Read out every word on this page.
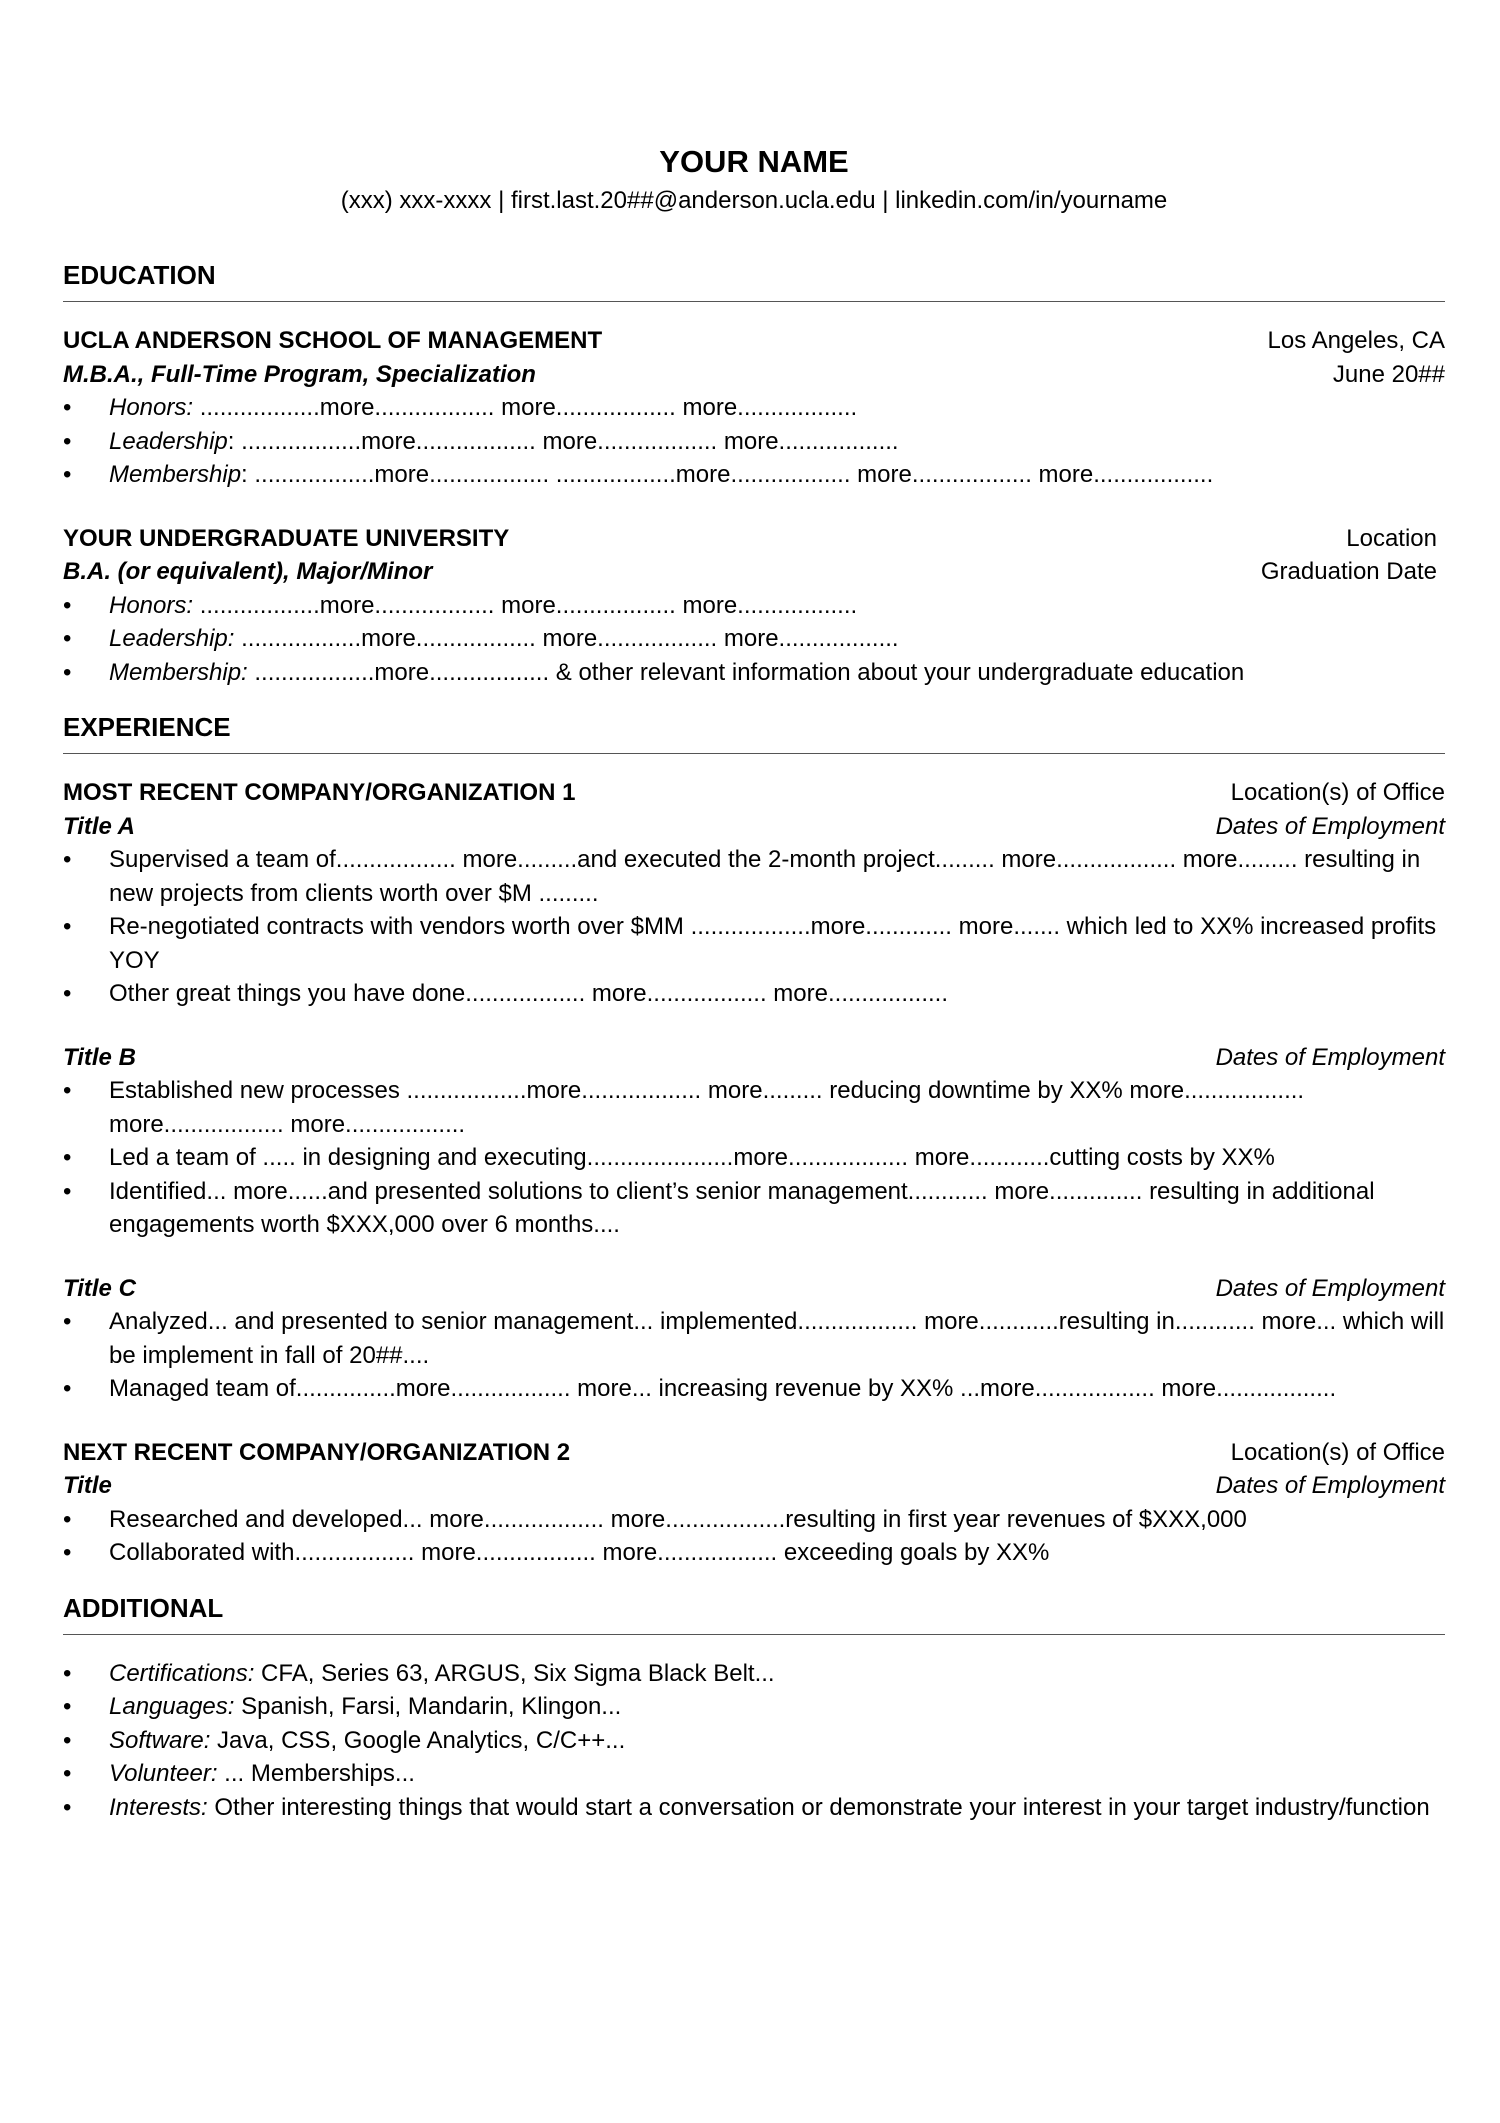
YOUR NAME

(xxx) xxx-xxxx | first.last.20##@anderson.ucla.edu | linkedin.com/in/yourname

EDUCATION

UCLA ANDERSON SCHOOL OF MANAGEMENT	Los Angeles, CA
M.B.A., Full-Time Program, Specialization	June 20##
• Honors: ..................more.................. more.................. more..................
• Leadership: ..................more.................. more.................. more..................
• Membership: ..................more.................. ..................more.................. more.................. more..................
YOUR UNDERGRADUATE UNIVERSITY	Location
B.A. (or equivalent), Major/Minor	Graduation Date
• Honors: ..................more.................. more.................. more..................
• Leadership: ..................more.................. more.................. more..................
• Membership: ..................more.................. & other relevant information about your undergraduate education

EXPERIENCE

MOST RECENT COMPANY/ORGANIZATION 1	Location(s) of Office
Title A	Dates of Employment
• Supervised a team of.................. more.........and executed the 2-month project......... more.................. more......... resulting in new projects from clients worth over $M .........
• Re-negotiated contracts with vendors worth over $MM ..................more............. more....... which led to XX% increased profits YOY
• Other great things you have done.................. more.................. more..................
Title B	Dates of Employment
• Established new processes ..................more.................. more......... reducing downtime by XX% more.................. more.................. more..................
• Led a team of ..... in designing and executing......................more.................. more............cutting costs by XX%
• Identified... more......and presented solutions to client’s senior management............ more.............. resulting in additional engagements worth $XXX,000 over 6 months....
Title C	Dates of Employment
• Analyzed... and presented to senior management... implemented.................. more............resulting in............ more... which will be implement in fall of 20##....
• Managed team of...............more.................. more... increasing revenue by XX% ...more.................. more..................
NEXT RECENT COMPANY/ORGANIZATION 2	Location(s) of Office
Title	Dates of Employment
• Researched and developed... more.................. more..................resulting in first year revenues of $XXX,000
• Collaborated with.................. more.................. more.................. exceeding goals by XX%

ADDITIONAL

• Certifications: CFA, Series 63, ARGUS, Six Sigma Black Belt...
• Languages: Spanish, Farsi, Mandarin, Klingon...
• Software: Java, CSS, Google Analytics, C/C++...
• Volunteer: ... Memberships...
• Interests: Other interesting things that would start a conversation or demonstrate your interest in your target industry/function
